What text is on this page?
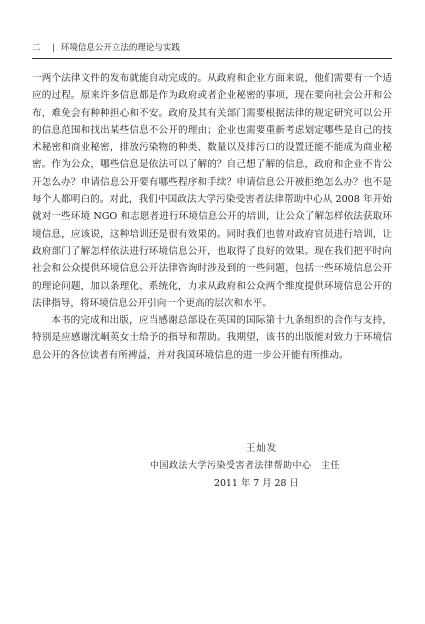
二	| 环境信息公开立法的理论与实践

一两个法律文件的发布就能自动完成的。从政府和企业方面来说，他们需要有一个适应的过程。原来许多信息都是作为政府或者企业秘密的事项，现在要向社会公开和公布，难免会有种种担心和不安。政府及其有关部门需要根据法律的规定研究可以公开的信息范围和找出某些信息不公开的理由；企业也需要重新考虑划定哪些是自己的技术秘密和商业秘密，排放污染物的种类、数量以及排污口的设置还能不能成为商业秘密。作为公众，哪些信息是依法可以了解的？自己想了解的信息，政府和企业不肯公开怎么办？申请信息公开要有哪些程序和手续？申请信息公开被拒绝怎么办？也不是每个人都明白的。对此，我们中国政法大学污染受害者法律帮助中心从 2008 年开始就对一些环境 NGO 和志愿者进行环境信息公开的培训，让公众了解怎样依法获取环境信息，应该说，这种培训还是很有效果的。同时我们也曾对政府官员进行培训，让政府部门了解怎样依法进行环境信息公开，也取得了良好的效果。现在我们把平时向社会和公众提供环境信息公开法律咨询时涉及到的一些问题，包括一些环境信息公开的理论问题，加以条理化、系统化，力求从政府和公众两个维度提供环境信息公开的法律指导，将环境信息公开引向一个更高的层次和水平。

本书的完成和出版，应当感谢总部设在英国的国际第十九条组织的合作与支持，特别是应感谢沈峒英女士给予的指导和帮助。我期望，该书的出版能对致力于环境信息公开的各位读者有所裨益，并对我国环境信息的进一步公开能有所推动。

王灿发
中国政法大学污染受害者法律帮助中心　主任
2011 年 7 月 28 日
